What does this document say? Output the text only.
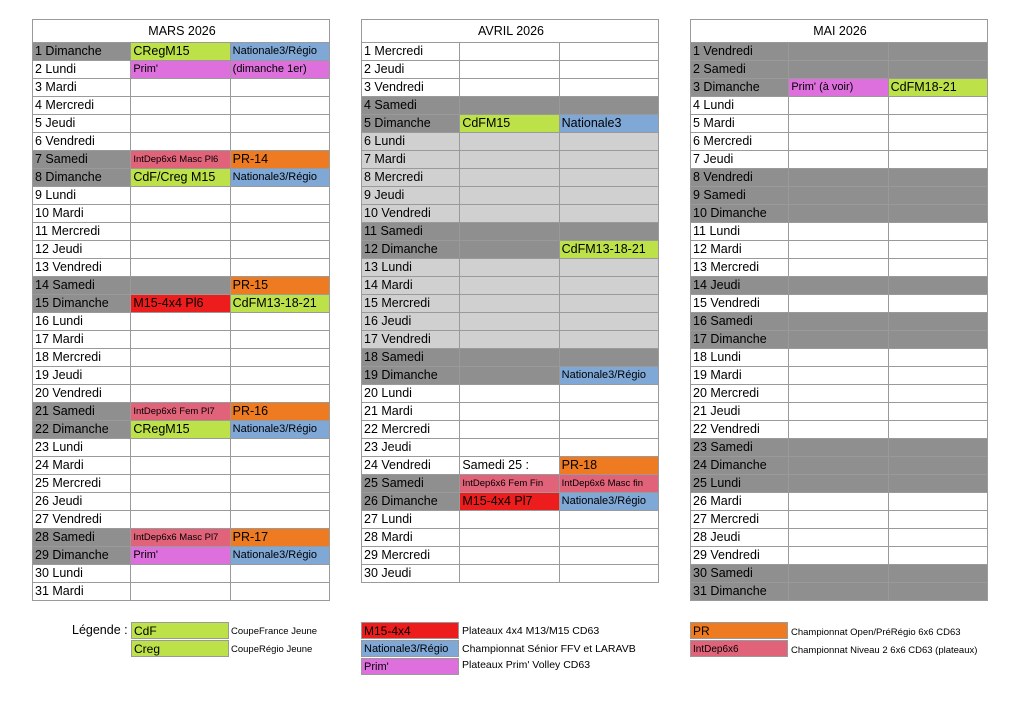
MARS 2026		
1 Dimanche	CRegM15	Nationale3/Régio
2 Lundi	Prim'	(dimanche 1er)
3 Mardi		
4 Mercredi		
5 Jeudi		
6 Vendredi		
7 Samedi	IntDep6x6 Masc Pl6	PR-14
8 Dimanche	CdF/Creg M15	Nationale3/Régio
9 Lundi		
10 Mardi		
11 Mercredi		
12 Jeudi		
13 Vendredi		
14 Samedi		PR-15
15 Dimanche	M15-4x4 Pl6	CdFM13-18-21
16 Lundi		
17 Mardi		
18 Mercredi		
19 Jeudi		
20 Vendredi		
21 Samedi	IntDep6x6 Fem Pl7	PR-16
22 Dimanche	CRegM15	Nationale3/Régio
23 Lundi		
24 Mardi		
25 Mercredi		
26 Jeudi		
27 Vendredi		
28 Samedi	IntDep6x6 Masc Pl7	PR-17
29 Dimanche	Prim'	Nationale3/Régio
30 Lundi		
31 Mardi		
AVRIL 2026		
1 Mercredi		
2 Jeudi		
3 Vendredi		
4 Samedi		
5 Dimanche	CdFM15	Nationale3
6 Lundi		
7 Mardi		
8 Mercredi		
9 Jeudi		
10 Vendredi		
11 Samedi		
12 Dimanche		CdFM13-18-21
13 Lundi		
14 Mardi		
15 Mercredi		
16 Jeudi		
17 Vendredi		
18 Samedi		
19 Dimanche		Nationale3/Régio
20 Lundi		
21 Mardi		
22 Mercredi		
23 Jeudi		
24 Vendredi	Samedi 25 :	PR-18
25 Samedi	IntDep6x6 Fem Fin	IntDep6x6 Masc fin
26 Dimanche	M15-4x4 Pl7	Nationale3/Régio
27 Lundi		
28 Mardi		
29 Mercredi		
30 Jeudi		
MAI 2026		
1 Vendredi		
2 Samedi		
3 Dimanche	Prim' (à voir)	CdFM18-21
4 Lundi		
5 Mardi		
6 Mercredi		
7 Jeudi		
8 Vendredi		
9 Samedi		
10 Dimanche		
11 Lundi		
12 Mardi		
13 Mercredi		
14 Jeudi		
15 Vendredi		
16 Samedi		
17 Dimanche		
18 Lundi		
19 Mardi		
20 Mercredi		
21 Jeudi		
22 Vendredi		
23 Samedi		
24 Dimanche		
25 Lundi		
26 Mardi		
27 Mercredi		
28 Jeudi		
29 Vendredi		
30 Samedi		
31 Dimanche		
Légende : CdF	CoupeFrance Jeune
Creg	CoupeRégio Jeune
M15-4x4	Plateaux 4x4 M13/M15 CD63
Nationale3/Régio	Championnat Sénior FFV et LARAVB
Prim'	Plateaux Prim' Volley CD63
PR	Championnat Open/PréRégio 6x6 CD63
IntDep6x6	Championnat Niveau 2 6x6 CD63 (plateaux)
